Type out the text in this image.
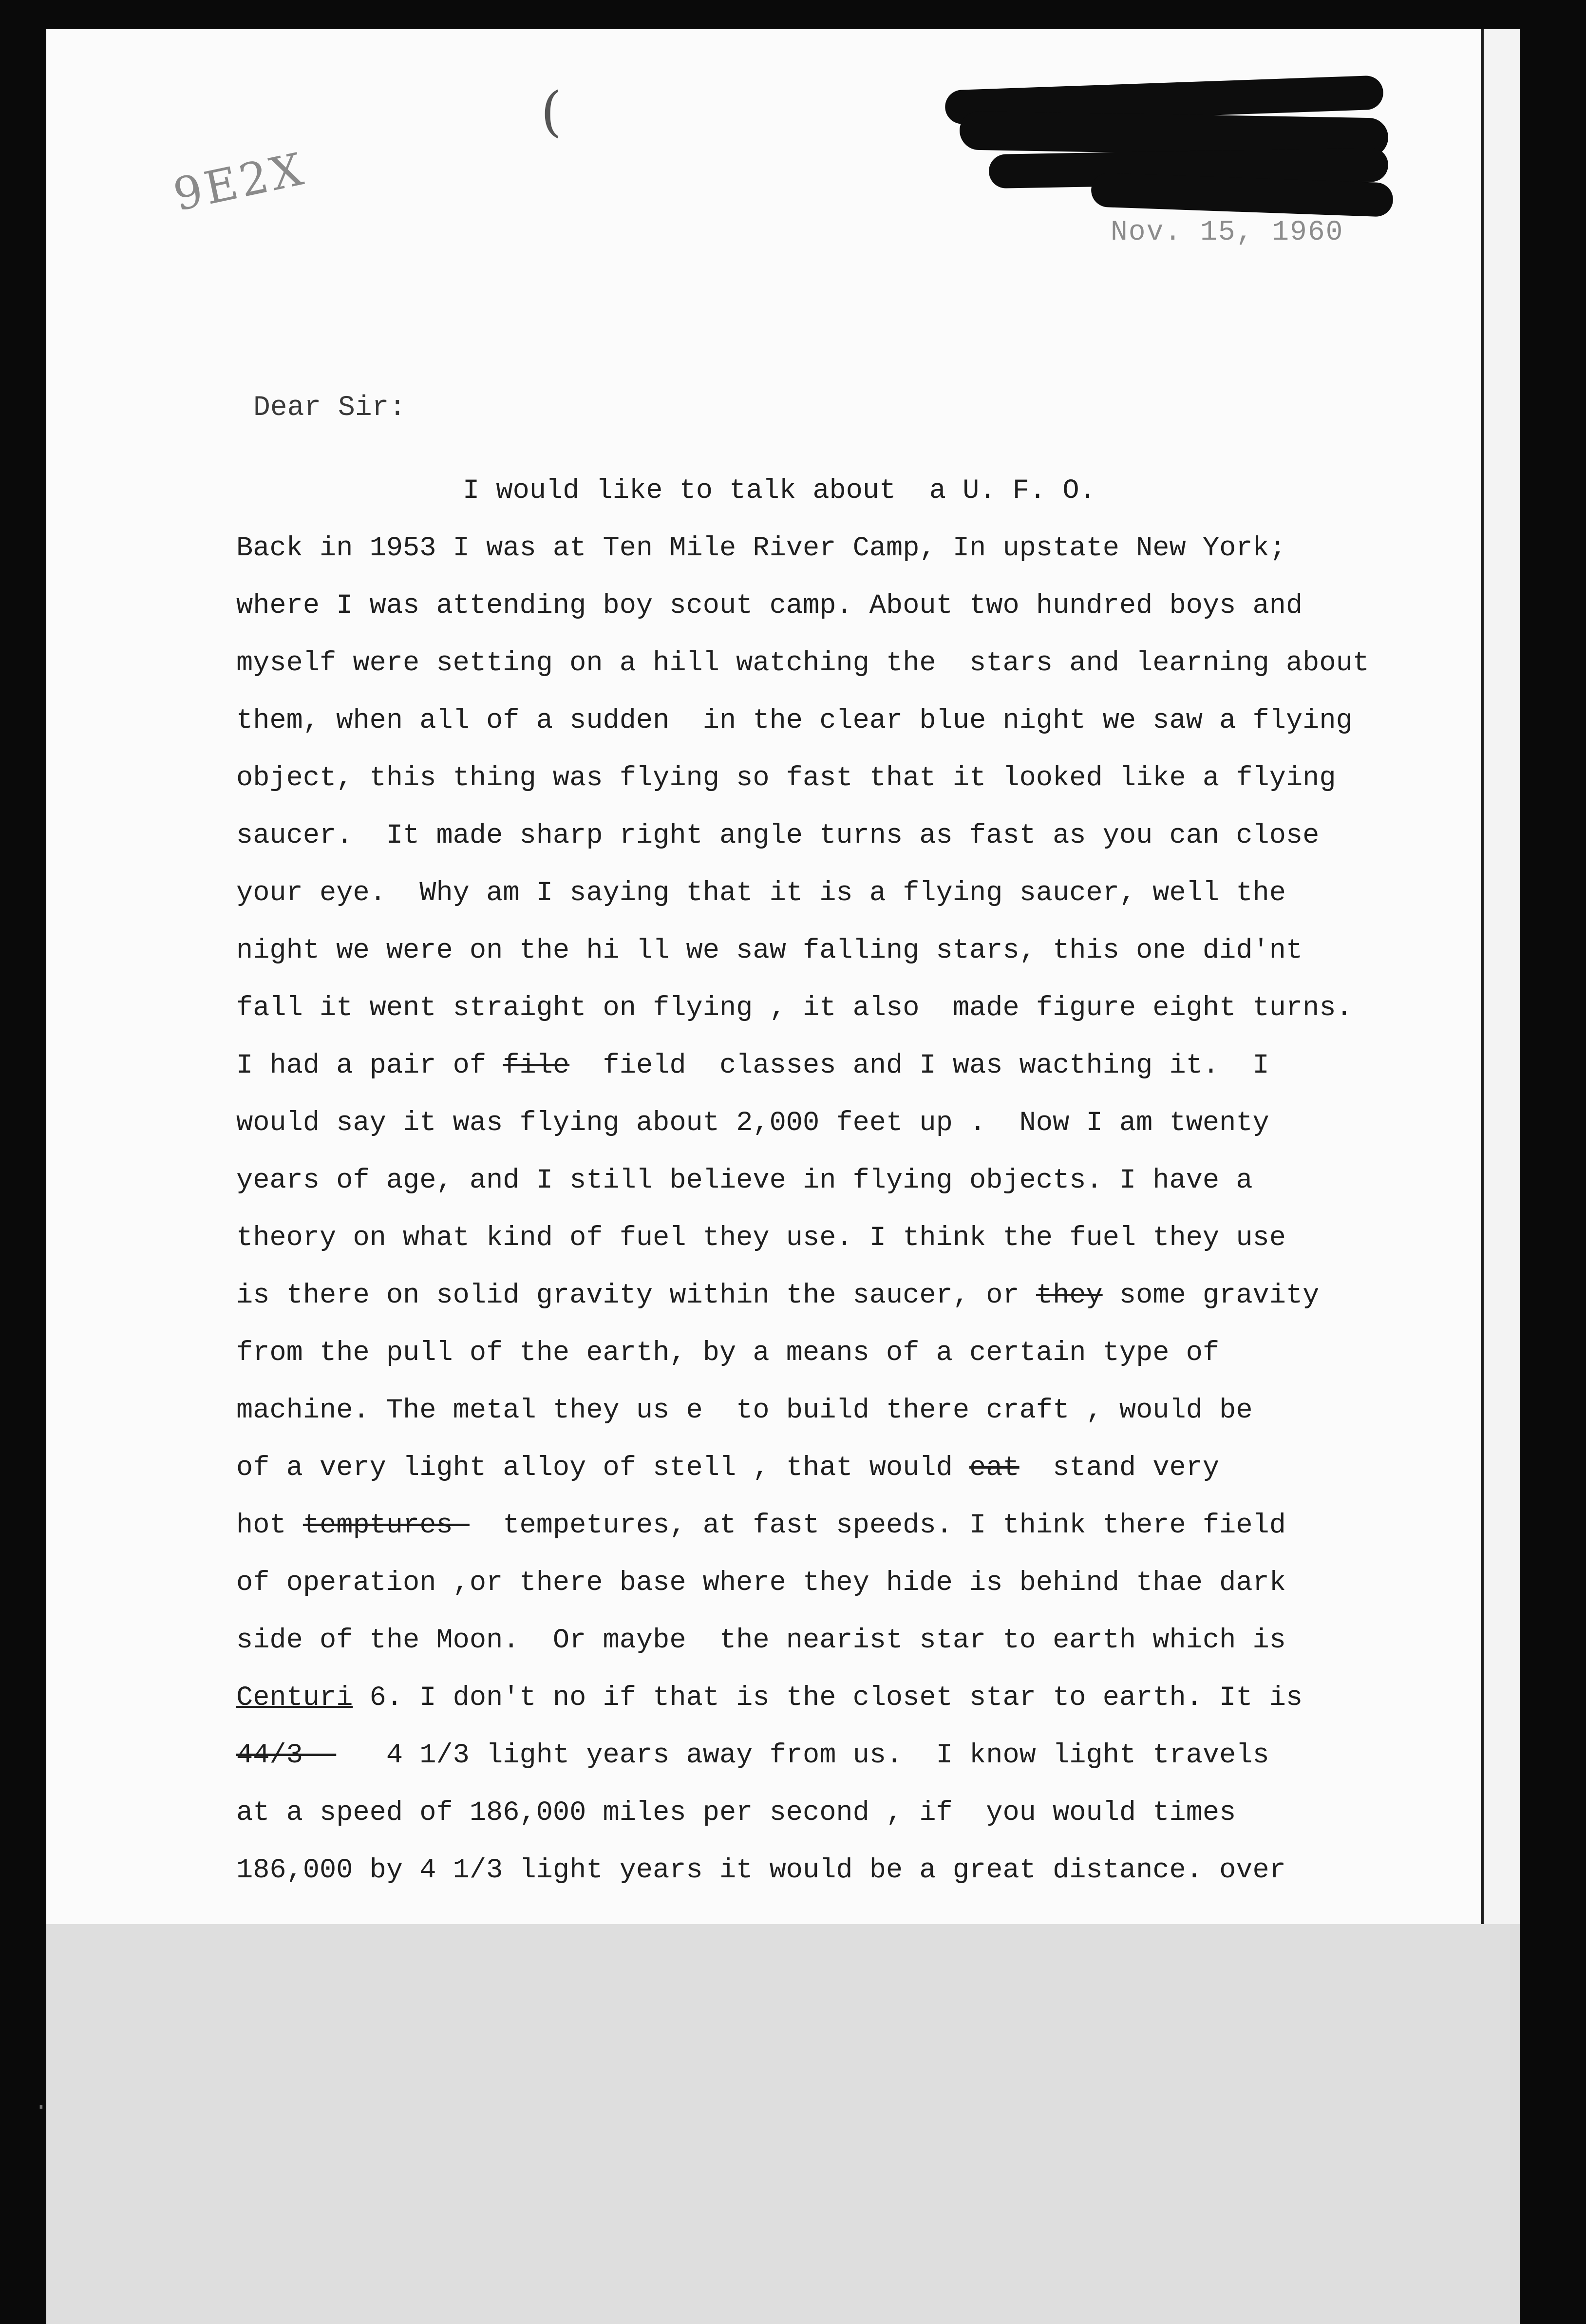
9E2X
(
Nov. 15, 1960
Dear Sir:
I would like to talk about  a U. F. O.
Back in 1953 I was at Ten Mile River Camp, In upstate New York;
where I was attending boy scout camp. About two hundred boys and
myself were setting on a hill watching the  stars and learning about
them, when all of a sudden  in the clear blue night we saw a flying
object, this thing was flying so fast that it looked like a flying
saucer.  It made sharp right angle turns as fast as you can close
your eye.  Why am I saying that it is a flying saucer, well the
night we were on the hi ll we saw falling stars, this one did'nt
fall it went straight on flying , it also  made figure eight turns.
I had a pair of file  field  classes and I was wacthing it.  I
would say it was flying about 2,000 feet up .  Now I am twenty
years of age, and I still believe in flying objects. I have a
theory on what kind of fuel they use. I think the fuel they use
is there on solid gravity within the saucer, or they some gravity
from the pull of the earth, by a means of a certain type of
machine. The metal they us e  to build there craft , would be
of a very light alloy of stell , that would eat  stand very
hot temptures-  tempetures, at fast speeds. I think there field
of operation ,or there base where they hide is behind thae dark
side of the Moon.  Or maybe  the nearist star to earth which is
Centuri 6. I don't no if that is the closet star to earth. It is
44/3--   4 1/3 light years away from us.  I know light travels
at a speed of 186,000 miles per second , if  you would times
186,000 by 4 1/3 light years it would be a great distance. over
·
